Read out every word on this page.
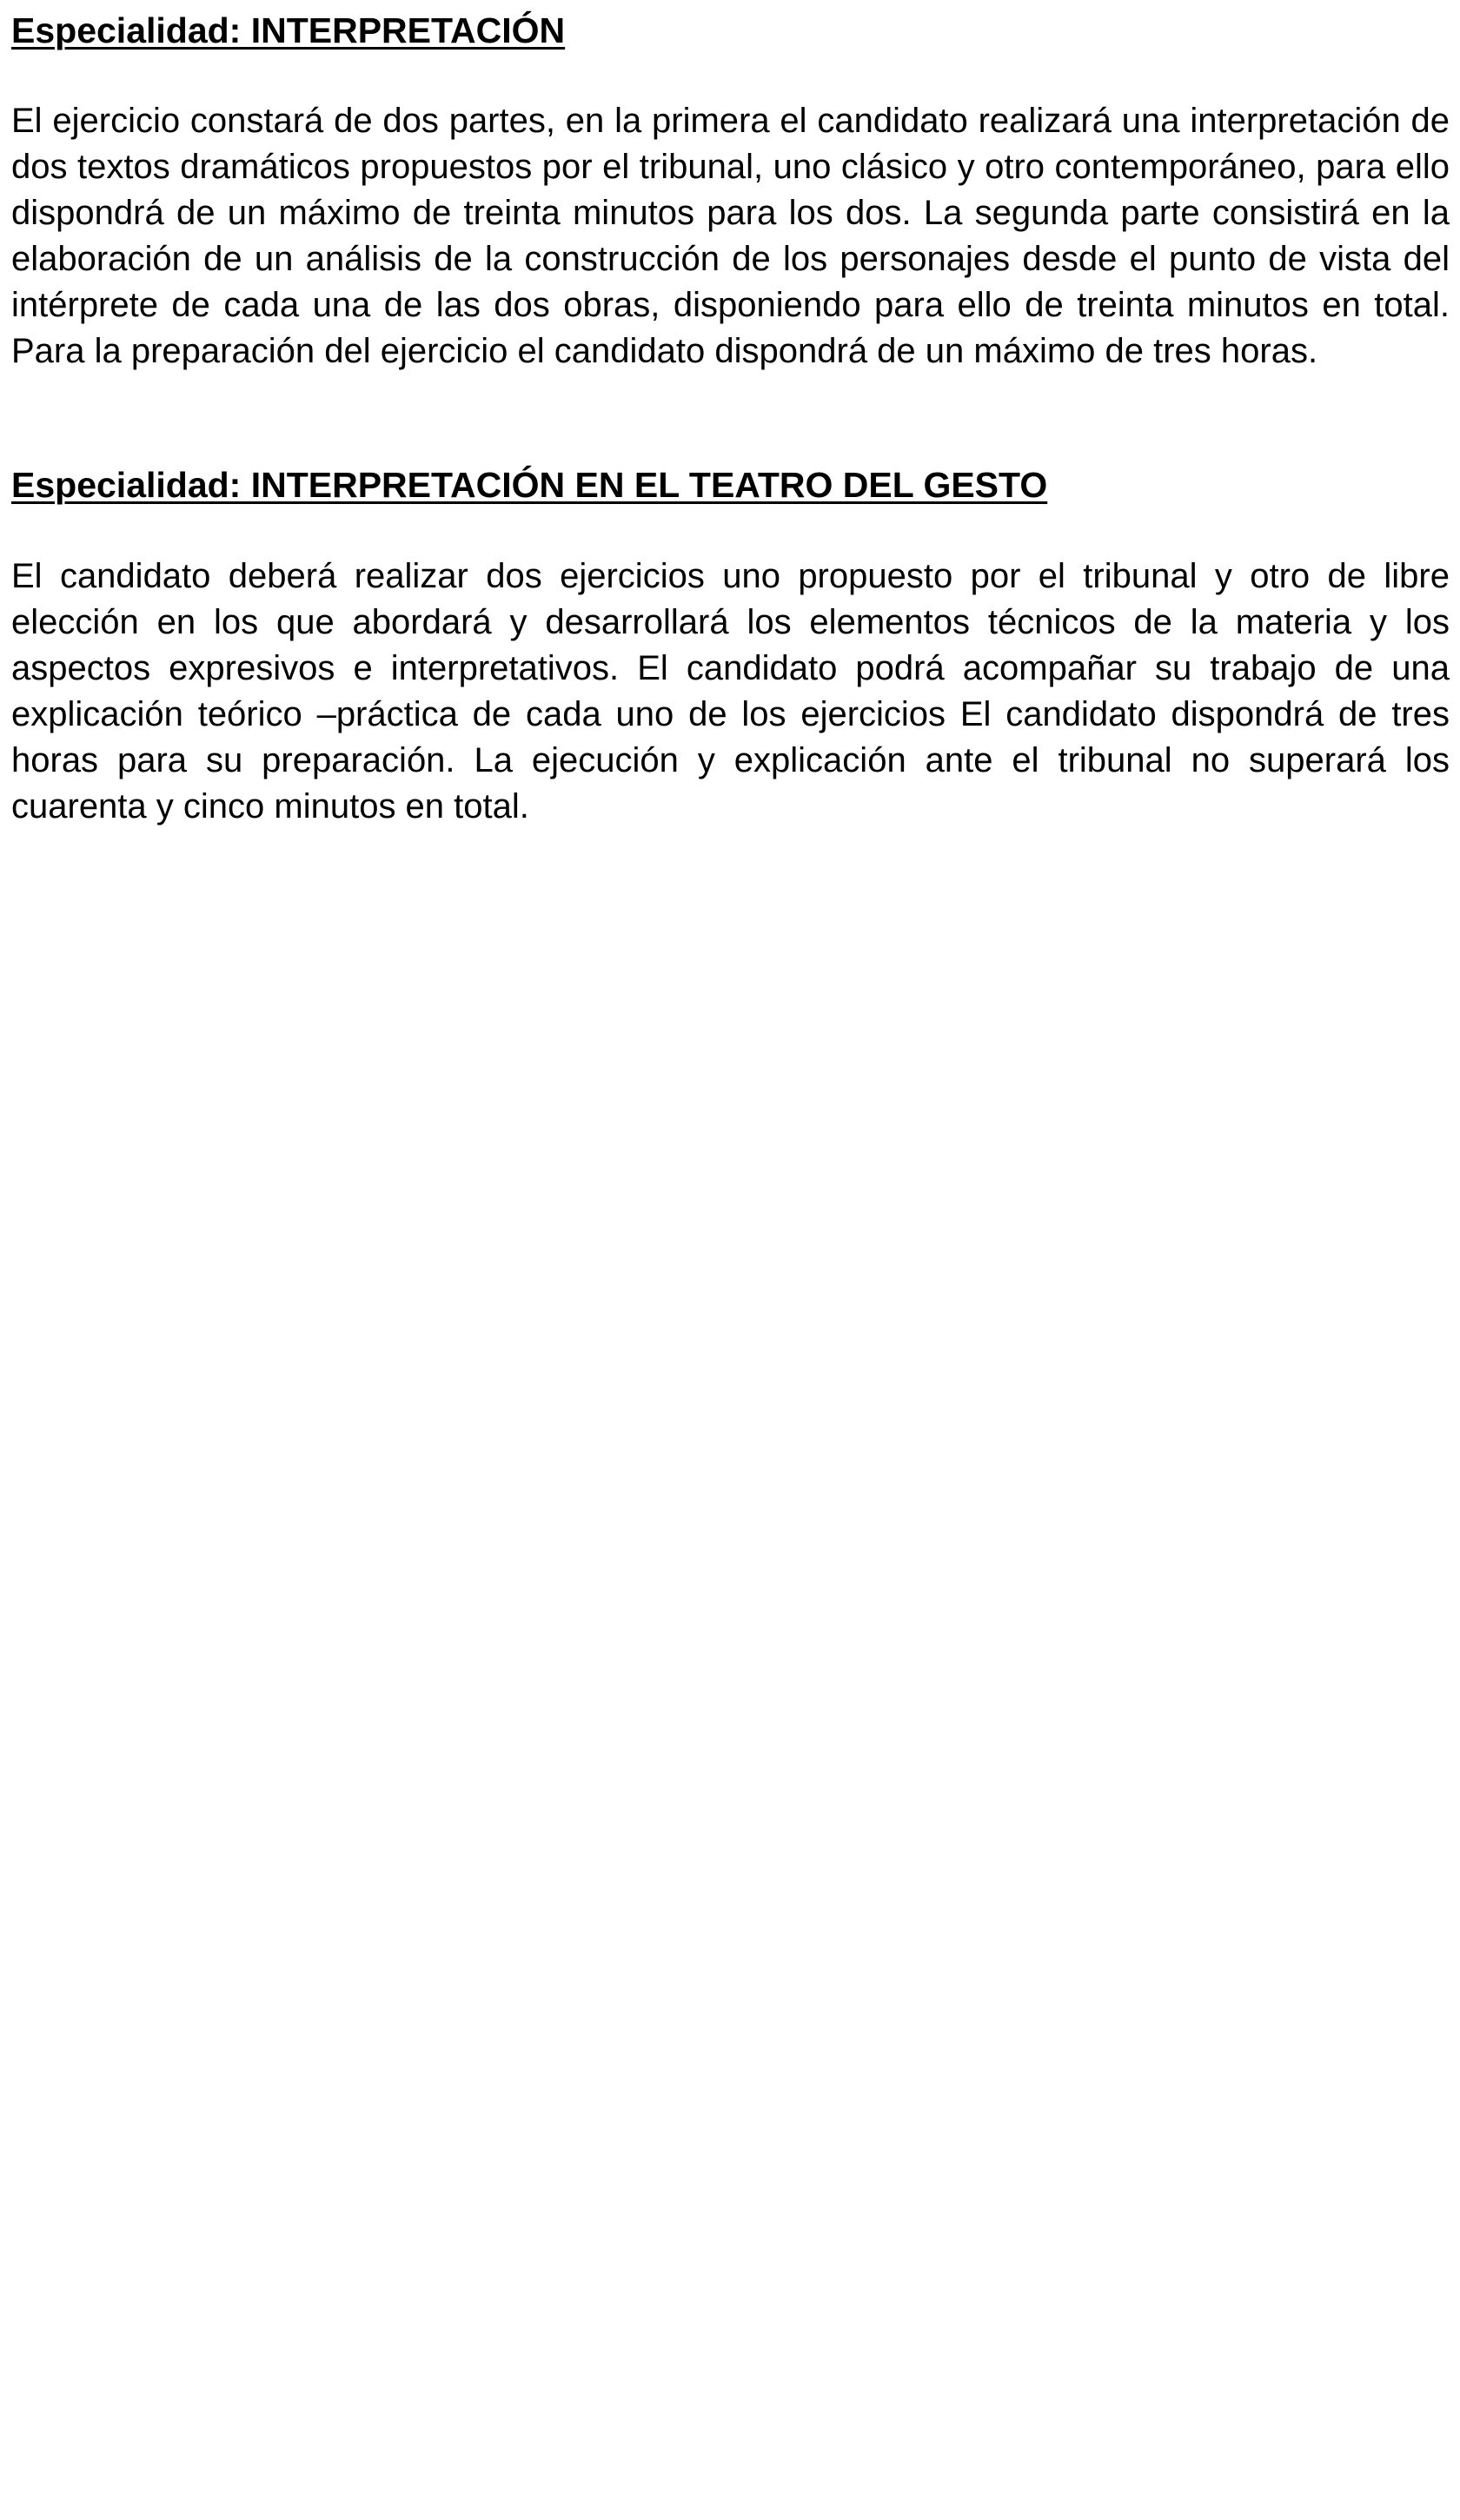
Especialidad: INTERPRETACIÓN

El ejercicio constará de dos partes, en la primera el candidato realizará una interpretación de dos textos dramáticos propuestos por el tribunal, uno clásico y otro contemporáneo, para ello dispondrá de un máximo de treinta minutos para los dos. La segunda parte consistirá en la elaboración de un análisis de la construcción de los personajes desde el punto de vista del intérprete de cada una de las dos obras, disponiendo para ello de treinta minutos en total. Para la preparación del ejercicio el candidato dispondrá de un máximo de tres horas.

Especialidad: INTERPRETACIÓN EN EL TEATRO DEL GESTO

El candidato deberá realizar dos ejercicios uno propuesto por el tribunal y otro de libre elección en los que abordará y desarrollará los elementos técnicos de la materia y los aspectos expresivos e interpretativos. El candidato podrá acompañar su trabajo de una explicación teórico –práctica de cada uno de los ejercicios El candidato dispondrá de tres horas para su preparación. La ejecución y explicación ante el tribunal no superará los cuarenta y cinco minutos en total.
